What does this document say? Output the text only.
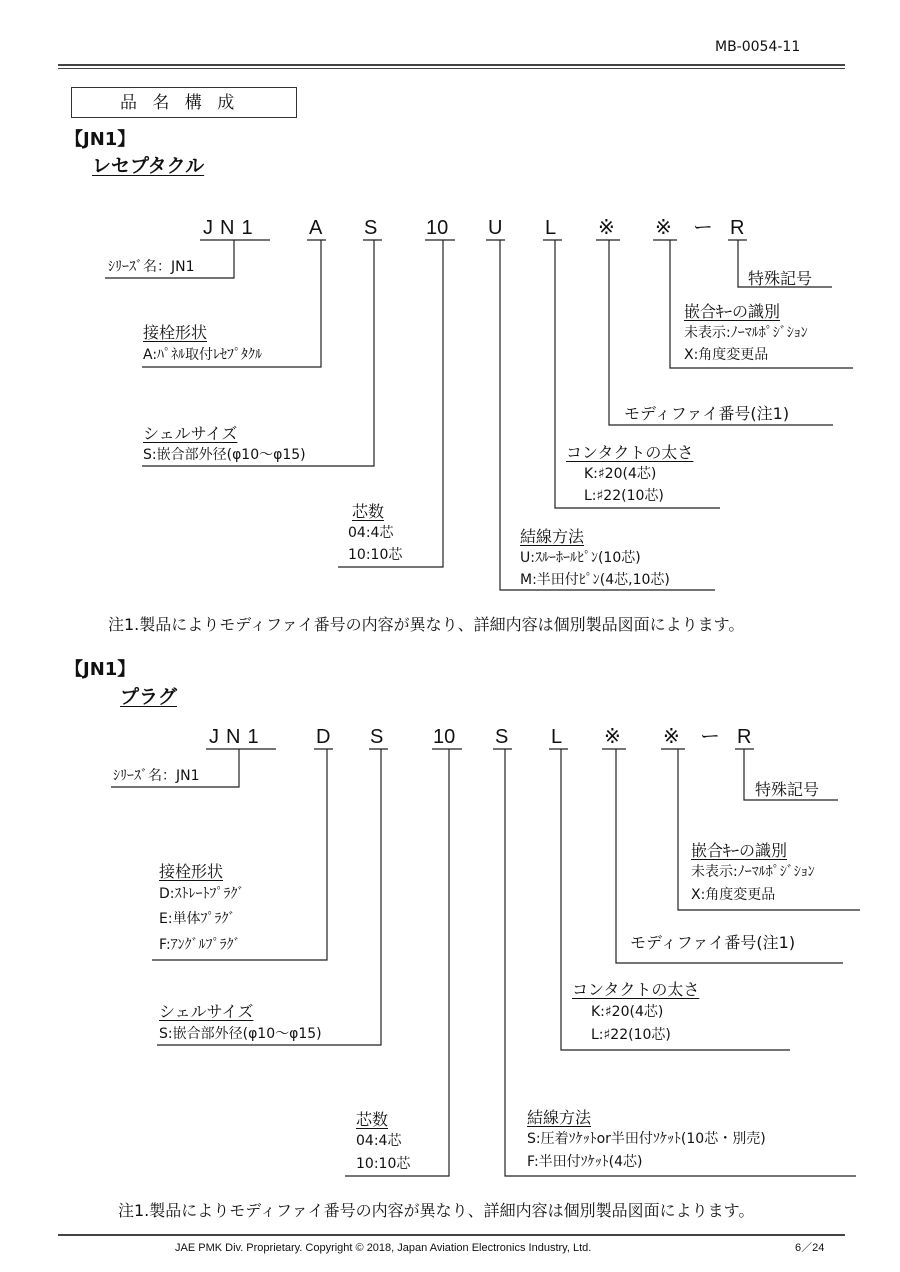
MB-0054-11
品 名 構 成
【JN1】
レセプタクル
JN1 A S 10 U L ※ ※ ー R
ｼﾘｰｽﾞ名：JN1
接栓形状
A:ﾊﾟﾈﾙ取付ﾚｾﾌﾟﾀｸﾙ
シェルサイズ
S:嵌合部外径(φ10～φ15)
芯数
04:4芯
10:10芯
結線方法
U:ｽﾙｰﾎｰﾙﾋﾟﾝ(10芯)
M:半田付ﾋﾟﾝ(4芯,10芯)
コンタクトの太さ
K:♯20(4芯)
L:♯22(10芯)
モディファイ番号(注1)
嵌合ｷｰの識別
未表示:ﾉｰﾏﾙﾎﾟｼﾞｼｮﾝ
X:角度変更品
特殊記号
注1.製品によりモディファイ番号の内容が異なり、詳細内容は個別製品図面によります。
【JN1】
プラグ
JN1	D S 10 S L ※ ※ ー R
ｼﾘｰｽﾞ名：JN1
接栓形状
D:ｽﾄﾚｰﾄﾌﾟﾗｸﾞ
E:単体ﾌﾟﾗｸﾞ
F:ｱﾝｸﾞﾙﾌﾟﾗｸﾞ
シェルサイズ
S:嵌合部外径(φ10～φ15)
芯数
04:4芯
10:10芯
結線方法
S:圧着ｿｹｯﾄor半田付ｿｹｯﾄ(10芯・別売)
F:半田付ｿｹｯﾄ(4芯)
コンタクトの太さ
K:♯20(4芯)
L:♯22(10芯)
モディファイ番号(注1)
嵌合ｷｰの識別
未表示:ﾉｰﾏﾙﾎﾟｼﾞｼｮﾝ
X:角度変更品
特殊記号
注1.製品によりモディファイ番号の内容が異なり、詳細内容は個別製品図面によります。
JAE PMK Div. Proprietary. Copyright © 2018, Japan Aviation Electronics Industry, Ltd.	6／24
